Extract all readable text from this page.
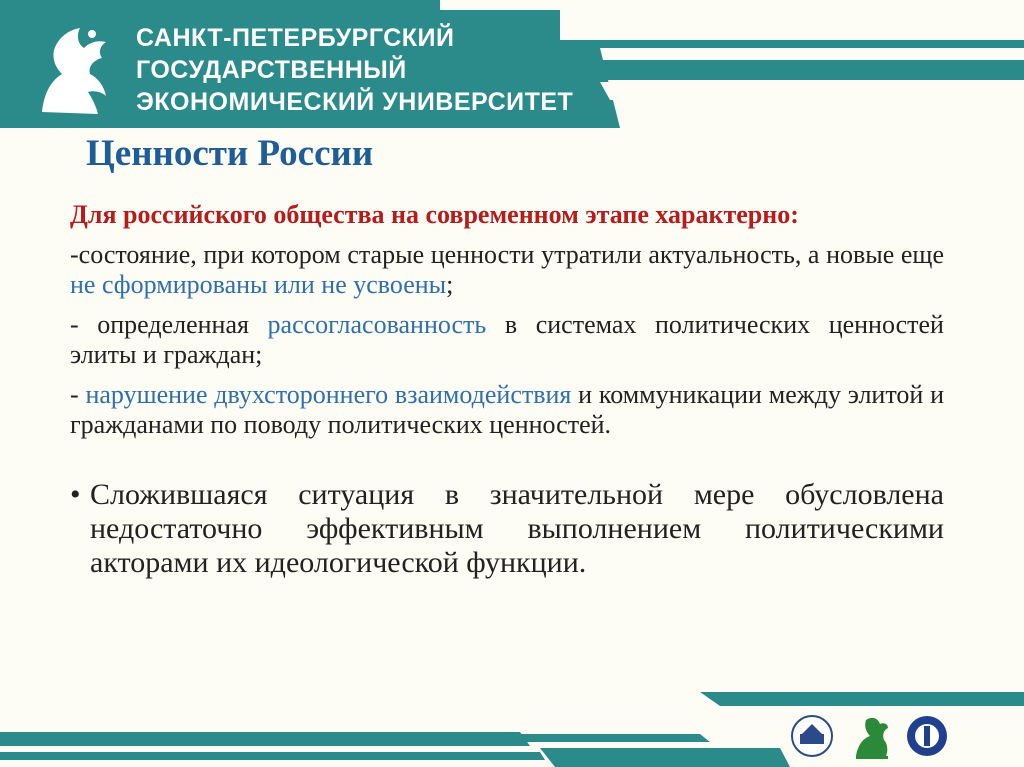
САНКТ-ПЕТЕРБУРГСКИЙ
ГОСУДАРСТВЕННЫЙ
ЭКОНОМИЧЕСКИЙ УНИВЕРСИТЕТ
Ценности России

Для российского общества на современном этапе характерно:

-состояние, при котором старые ценности утратили актуальность, а новые еще не сформированы или не усвоены;

- определенная рассогласованность в системах политических ценностей элиты и граждан;

- нарушение двухстороннего взаимодействия и коммуникации между элитой и гражданами по поводу политических ценностей.

• Сложившаяся ситуация в значительной мере обусловлена недостаточно эффективным выполнением политическими акторами их идеологической функции.
